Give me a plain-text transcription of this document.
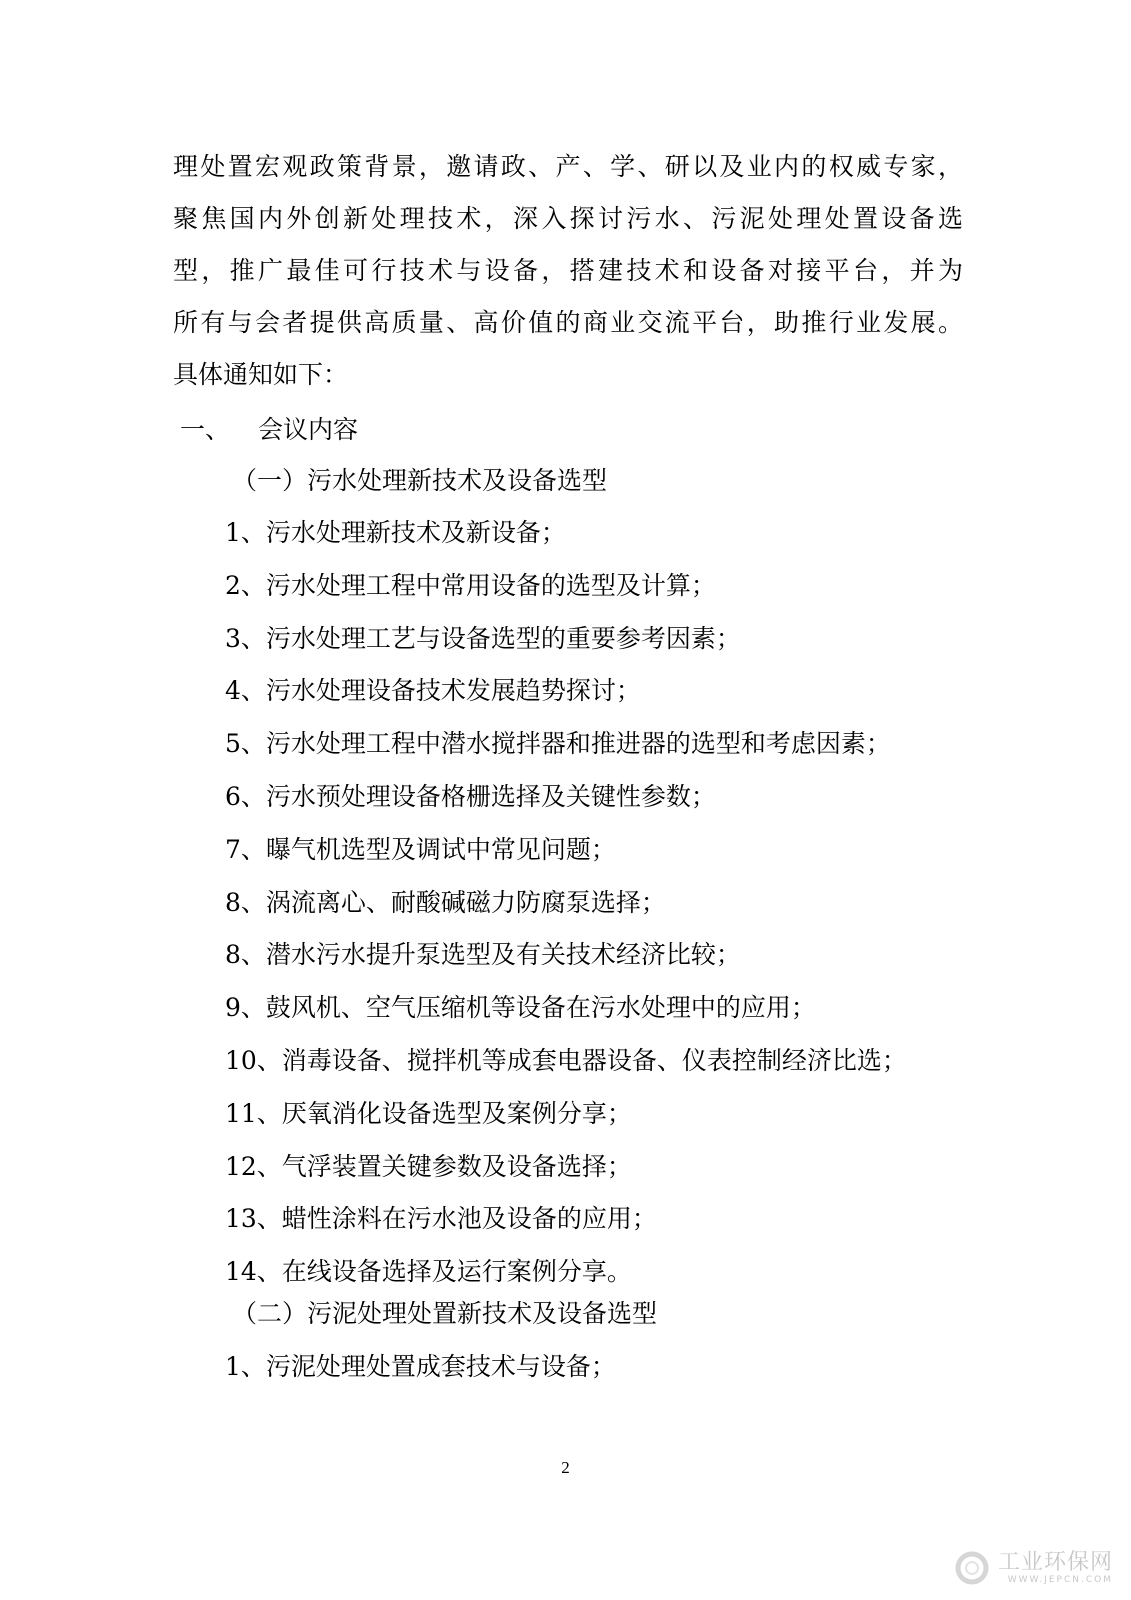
理处置宏观政策背景，邀请政、产、学、研以及业内的权威专家，
聚焦国内外创新处理技术，深入探讨污水、污泥处理处置设备选
型，推广最佳可行技术与设备，搭建技术和设备对接平台，并为
所有与会者提供高质量、高价值的商业交流平台，助推行业发展。
具体通知如下：
一、 会议内容
（一）污水处理新技术及设备选型
1、污水处理新技术及新设备；
2、污水处理工程中常用设备的选型及计算；
3、污水处理工艺与设备选型的重要参考因素；
4、污水处理设备技术发展趋势探讨；
5、污水处理工程中潜水搅拌器和推进器的选型和考虑因素；
6、污水预处理设备格栅选择及关键性参数；
7、曝气机选型及调试中常见问题；
8、涡流离心、耐酸碱磁力防腐泵选择；
8、潜水污水提升泵选型及有关技术经济比较；
9、鼓风机、空气压缩机等设备在污水处理中的应用；
10、消毒设备、搅拌机等成套电器设备、仪表控制经济比选；
11、厌氧消化设备选型及案例分享；
12、气浮装置关键参数及设备选择；
13、蜡性涂料在污水池及设备的应用；
14、在线设备选择及运行案例分享。
（二）污泥处理处置新技术及设备选型
1、污泥处理处置成套技术与设备；
2
工业环保网
WWW.JEPCN.COM
